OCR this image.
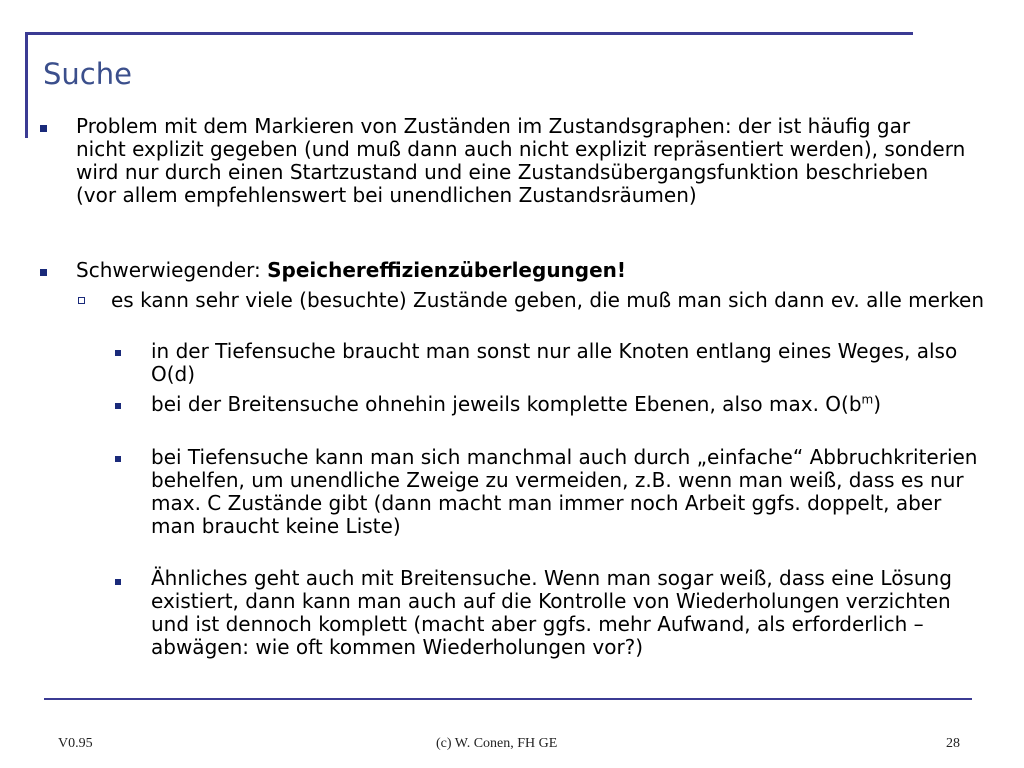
Suche

Problem mit dem Markieren von Zuständen im Zustandsgraphen: der ist häufig gar nicht explizit gegeben (und muß dann auch nicht explizit repräsentiert werden), sondern wird nur durch einen Startzustand und eine Zustandsübergangsfunktion beschrieben (vor allem empfehlenswert bei unendlichen Zustandsräumen)

Schwerwiegender: Speichereffizienzüberlegungen!

es kann sehr viele (besuchte) Zustände geben, die muß man sich dann ev. alle merken

in der Tiefensuche braucht man sonst nur alle Knoten entlang eines Weges, also O(d)

bei der Breitensuche ohnehin jeweils komplette Ebenen, also max. $O(b^m)$

bei Tiefensuche kann man sich manchmal auch durch „einfache“ Abbruchkriterien behelfen, um unendliche Zweige zu vermeiden, z.B. wenn man weiß, dass es nur max. C Zustände gibt (dann macht man immer noch Arbeit ggfs. doppelt, aber man braucht keine Liste)

Ähnliches geht auch mit Breitensuche. Wenn man sogar weiß, dass eine Lösung existiert, dann kann man auch auf die Kontrolle von Wiederholungen verzichten und ist dennoch komplett (macht aber ggfs. mehr Aufwand, als erforderlich – abwägen: wie oft kommen Wiederholungen vor?)

V0.95	(c) W. Conen, FH GE	28
